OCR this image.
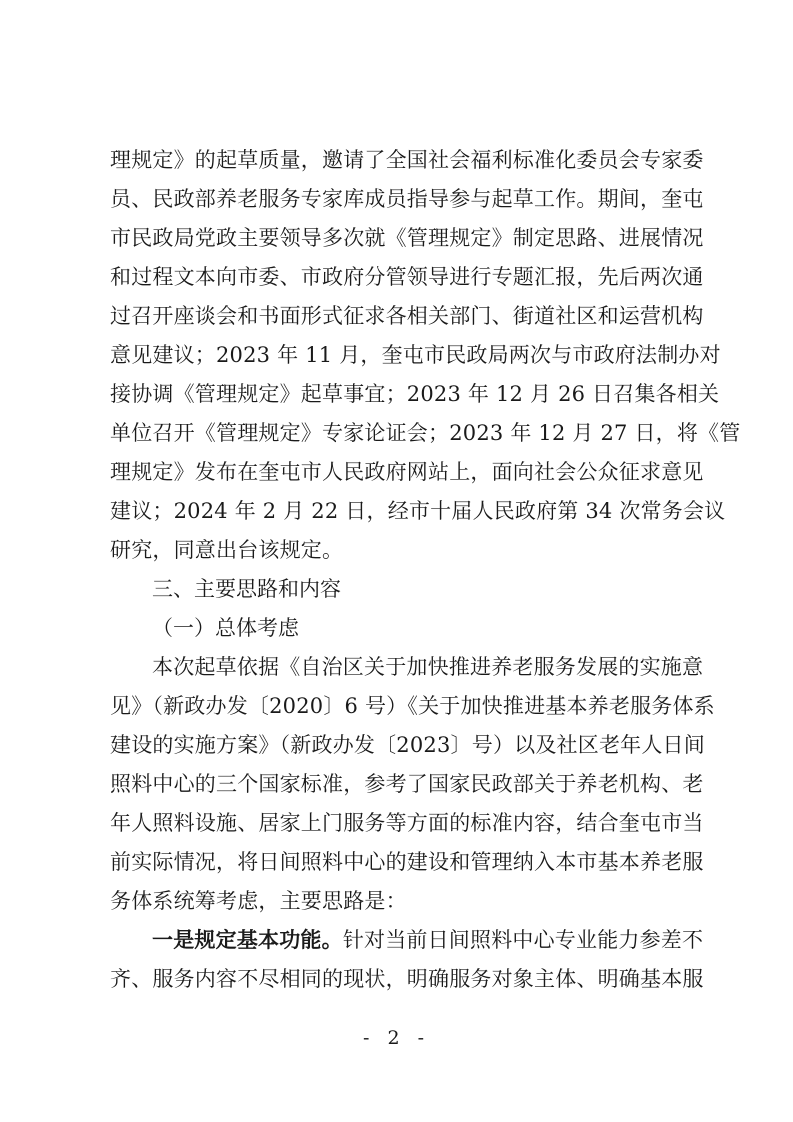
理规定》的起草质量，邀请了全国社会福利标准化委员会专家委
员、民政部养老服务专家库成员指导参与起草工作。期间，奎屯
市民政局党政主要领导多次就《管理规定》制定思路、进展情况
和过程文本向市委、市政府分管领导进行专题汇报，先后两次通
过召开座谈会和书面形式征求各相关部门、街道社区和运营机构
意见建议；2023 年 11 月，奎屯市民政局两次与市政府法制办对
接协调《管理规定》起草事宜；2023 年 12 月 26 日召集各相关
单位召开《管理规定》专家论证会；2023 年 12 月 27 日，将《管
理规定》发布在奎屯市人民政府网站上，面向社会公众征求意见
建议；2024 年 2 月 22 日，经市十届人民政府第 34 次常务会议
研究，同意出台该规定。
三、主要思路和内容
（一）总体考虑
本次起草依据《自治区关于加快推进养老服务发展的实施意
见》（新政办发〔2020〕6 号）《关于加快推进基本养老服务体系
建设的实施方案》（新政办发〔2023〕号）以及社区老年人日间
照料中心的三个国家标准，参考了国家民政部关于养老机构、老
年人照料设施、居家上门服务等方面的标准内容，结合奎屯市当
前实际情况，将日间照料中心的建设和管理纳入本市基本养老服
务体系统筹考虑，主要思路是：
一是规定基本功能。针对当前日间照料中心专业能力参差不
齐、服务内容不尽相同的现状，明确服务对象主体、明确基本服
- 2 -
